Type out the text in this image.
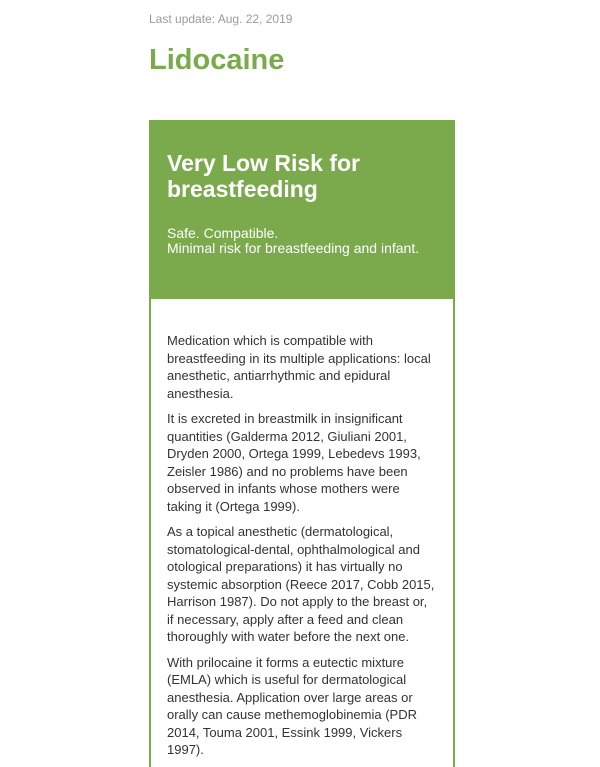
Last update: Aug. 22, 2019
Lidocaine
Very Low Risk for breastfeeding
Safe. Compatible.
Minimal risk for breastfeeding and infant.

Medication which is compatible with breastfeeding in its multiple applications: local anesthetic, antiarrhythmic and epidural anesthesia.

It is excreted in breastmilk in insignificant quantities (Galderma 2012, Giuliani 2001, Dryden 2000, Ortega 1999, Lebedevs 1993, Zeisler 1986) and no problems have been observed in infants whose mothers were taking it (Ortega 1999).

As a topical anesthetic (dermatological, stomatological-dental, ophthalmological and otological preparations) it has virtually no systemic absorption (Reece 2017, Cobb 2015, Harrison 1987). Do not apply to the breast or, if necessary, apply after a feed and clean thoroughly with water before the next one.

With prilocaine it forms a eutectic mixture (EMLA) which is useful for dermatological anesthesia. Application over large areas or orally can cause methemoglobinemia (PDR 2014, Touma 2001, Essink 1999, Vickers 1997).
